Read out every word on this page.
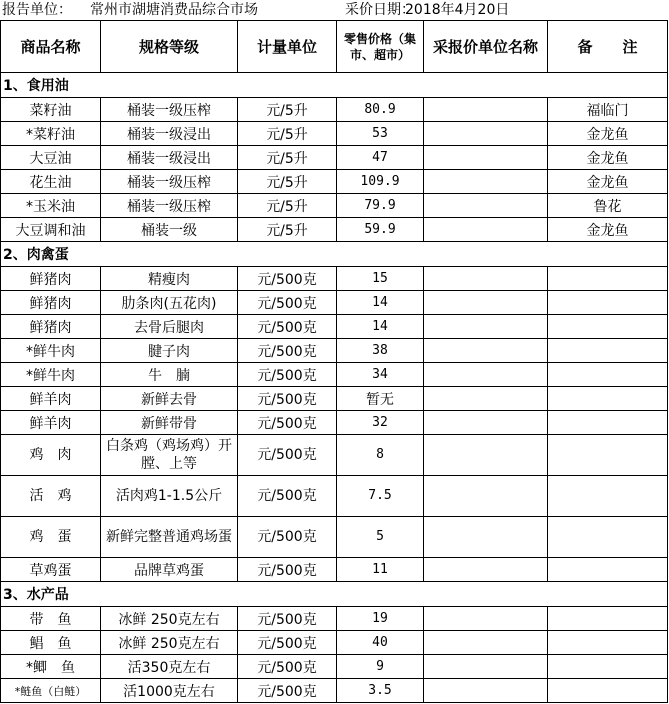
报告单位： 常州市湖塘消费品综合市场	采价日期：
2018年4月20日
商品名称	规格等级	计量单位	零售价格（集市、超市）	采报价单位名称	备　　注
1、食用油					
菜籽油	桶装一级压榨	元/5升	80.9		福临门
*菜籽油	桶装一级浸出	元/5升	53		金龙鱼
大豆油	桶装一级浸出	元/5升	47		金龙鱼
花生油	桶装一级压榨	元/5升	109.9		金龙鱼
*玉米油	桶装一级压榨	元/5升	79.9		鲁花
大豆调和油	桶装一级	元/5升	59.9		金龙鱼
2、肉禽蛋					
鲜猪肉	精瘦肉	元/500克	15		
鲜猪肉	肋条肉(五花肉)	元/500克	14		
鲜猪肉	去骨后腿肉	元/500克	14		
*鲜牛肉	腱子肉	元/500克	38		
*鲜牛肉	牛　腩	元/500克	34		
鲜羊肉	新鲜去骨	元/500克	暂无		
鲜羊肉	新鲜带骨	元/500克	32		
鸡　肉	白条鸡（鸡场鸡）开膛、上等	元/500克	8		
活　鸡	活肉鸡1-1.5公斤	元/500克	7.5		
鸡　蛋	新鲜完整普通鸡场蛋	元/500克	5		
草鸡蛋	品牌草鸡蛋	元/500克	11		
3、水产品					
带　鱼	冰鲜 250克左右	元/500克	19		
鲳　鱼	冰鲜 250克左右	元/500克	40		
*鲫　鱼	活350克左右	元/500克	9		
*鲢鱼（白鲢）	活1000克左右	元/500克	3.5		
